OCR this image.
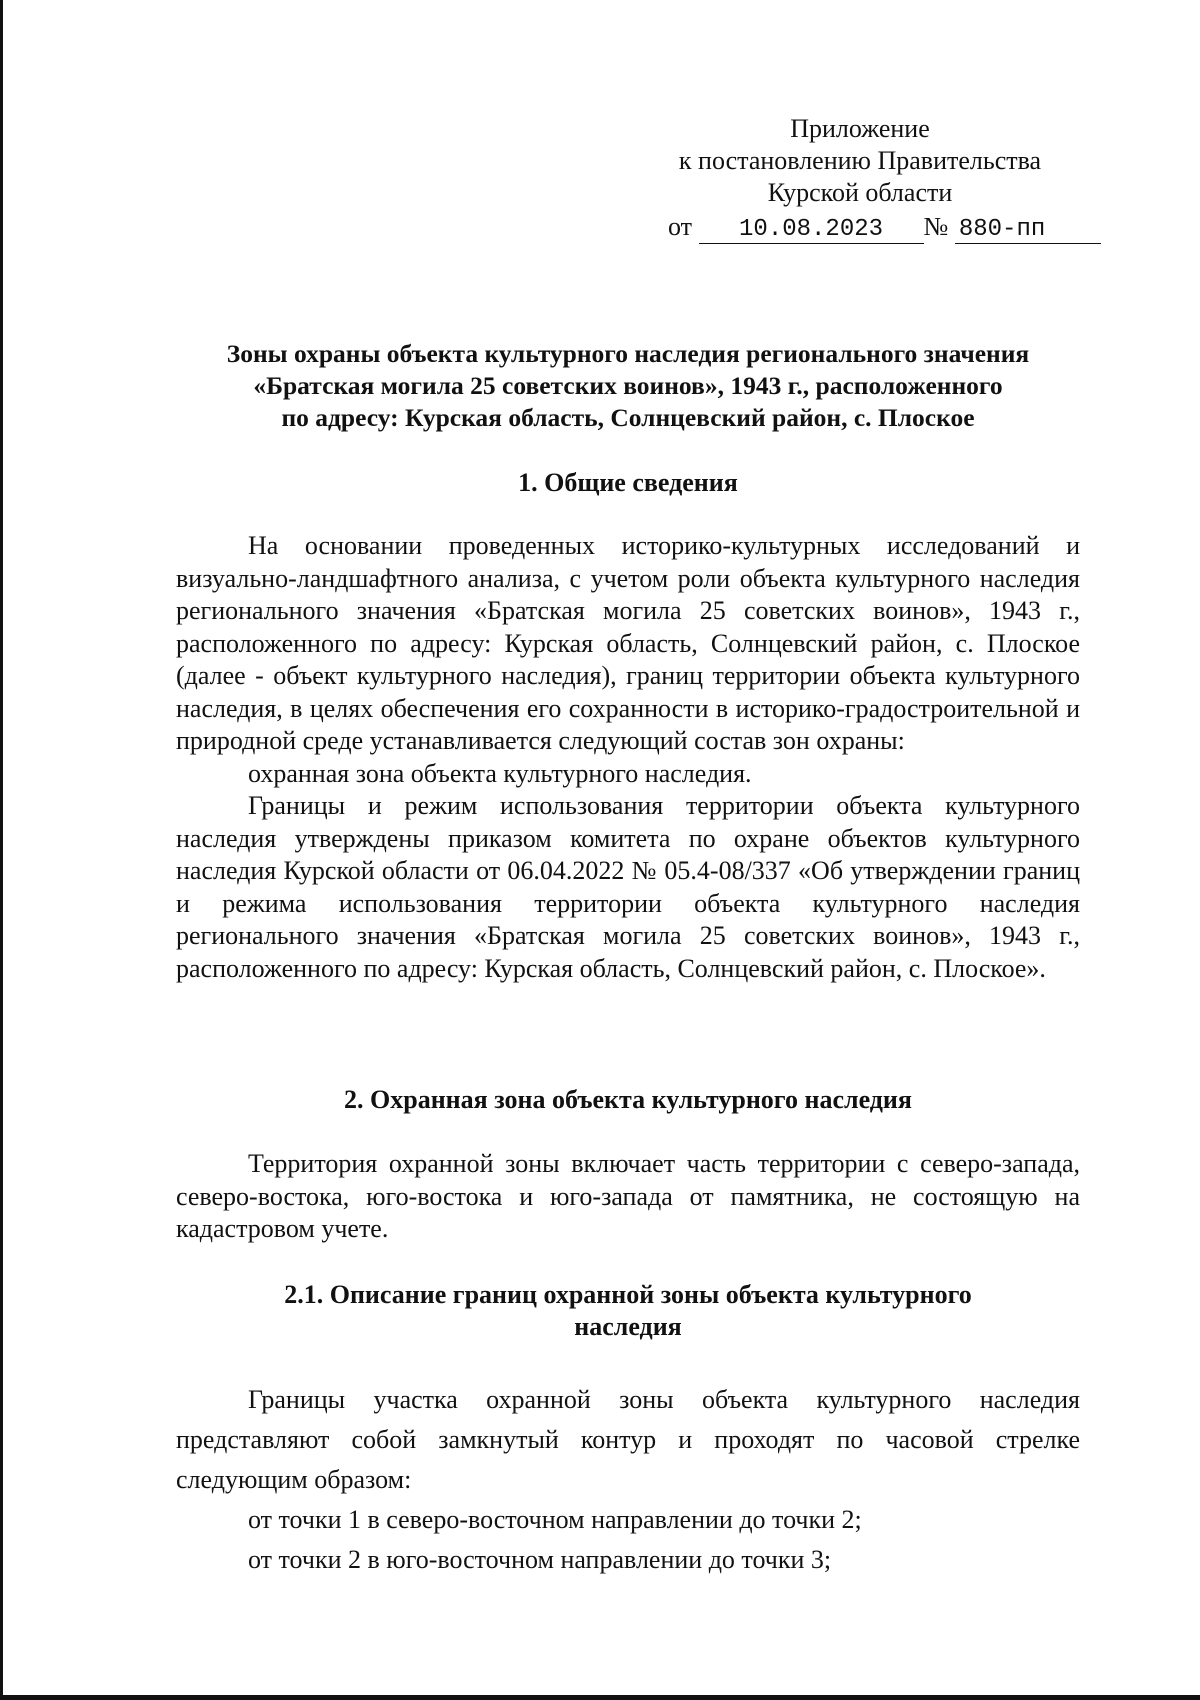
Приложение
к постановлению Правительства
Курской области
от 10.08.2023 № 880-пп
Зоны охраны объекта культурного наследия регионального значения
«Братская могила 25 советских воинов», 1943 г., расположенного
по адресу: Курская область, Солнцевский район, с. Плоское
1. Общие сведения

На основании проведенных историко-культурных исследований и визуально-ландшафтного анализа, с учетом роли объекта культурного наследия регионального значения «Братская могила 25 советских воинов», 1943 г., расположенного по адресу: Курская область, Солнцевский район, с. Плоское (далее - объект культурного наследия), границ территории объекта культурного наследия, в целях обеспечения его сохранности в историко-градостроительной и природной среде устанавливается следующий состав зон охраны:

охранная зона объекта культурного наследия.

Границы и режим использования территории объекта культурного наследия утверждены приказом комитета по охране объектов культурного наследия Курской области от 06.04.2022 № 05.4-08/337 «Об утверждении границ и режима использования территории объекта культурного наследия регионального значения «Братская могила 25 советских воинов», 1943 г., расположенного по адресу: Курская область, Солнцевский район, с. Плоское».

2. Охранная зона объекта культурного наследия

Территория охранной зоны включает часть территории с северо-запада, северо-востока, юго-востока и юго-запада от памятника, не состоящую на кадастровом учете.

2.1. Описание границ охранной зоны объекта культурного
наследия

Границы участка охранной зоны объекта культурного наследия представляют собой замкнутый контур и проходят по часовой стрелке следующим образом:

от точки 1 в северо-восточном направлении до точки 2;

от точки 2 в юго-восточном направлении до точки 3;
